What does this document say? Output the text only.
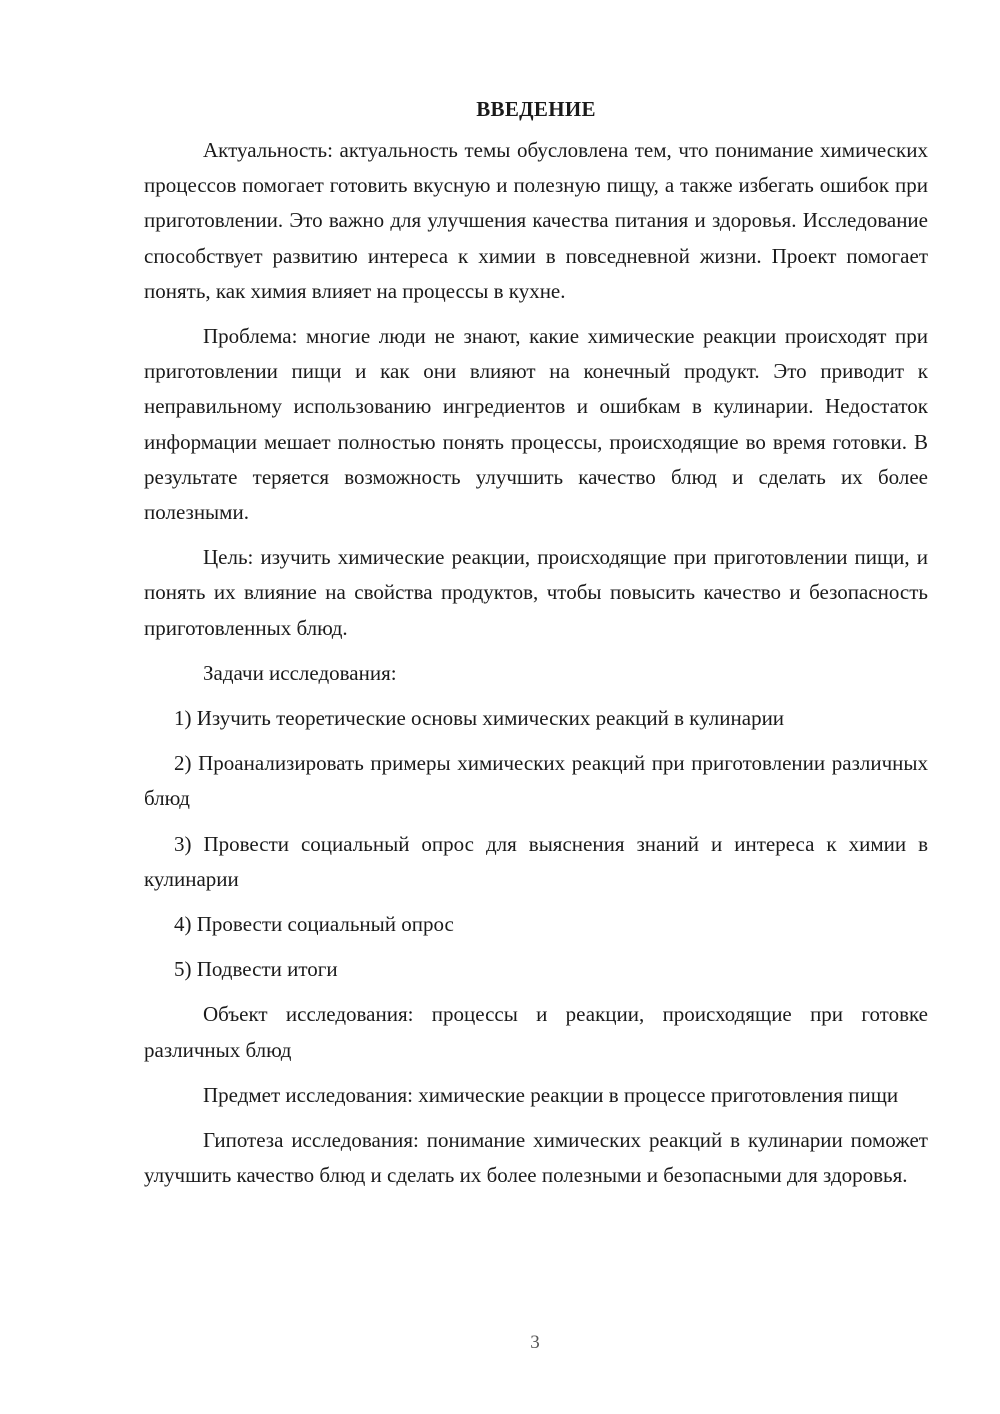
ВВЕДЕНИЕ

Актуальность: актуальность темы обусловлена тем, что понимание химических процессов помогает готовить вкусную и полезную пищу, а также избегать ошибок при приготовлении. Это важно для улучшения качества питания и здоровья. Исследование способствует развитию интереса к химии в повседневной жизни. Проект помогает понять, как химия влияет на процессы в кухне.

Проблема: многие люди не знают, какие химические реакции происходят при приготовлении пищи и как они влияют на конечный продукт. Это приводит к неправильному использованию ингредиентов и ошибкам в кулинарии. Недостаток информации мешает полностью понять процессы, происходящие во время готовки. В результате теряется возможность улучшить качество блюд и сделать их более полезными.

Цель: изучить химические реакции, происходящие при приготовлении пищи, и понять их влияние на свойства продуктов, чтобы повысить качество и безопасность приготовленных блюд.

Задачи исследования:

1) Изучить теоретические основы химических реакций в кулинарии

2) Проанализировать примеры химических реакций при приготовлении различных блюд

3) Провести социальный опрос для выяснения знаний и интереса к химии в кулинарии

4) Провести социальный опрос

5) Подвести итоги

Объект исследования: процессы и реакции, происходящие при готовке различных блюд

Предмет исследования: химические реакции в процессе приготовления пищи

Гипотеза исследования: понимание химических реакций в кулинарии поможет улучшить качество блюд и сделать их более полезными и безопасными для здоровья.

3
